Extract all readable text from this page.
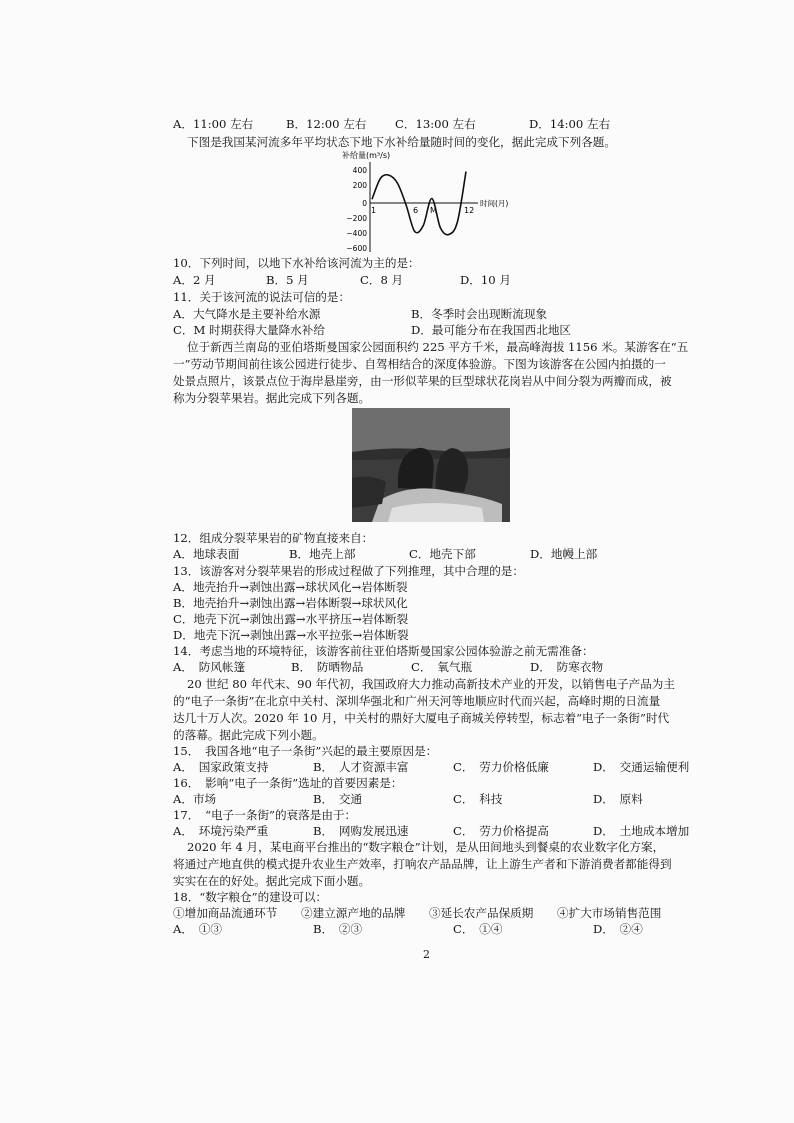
A．11:00 左右	B．12:00 左右 C．13:00 左右	D．14:00 左右
下图是我国某河流多年平均状态下地下水补给量随时间的变化，据此完成下列各题。
补给量(m³/s)
400
200
0
−200
−400
−600
1	6 M	12
时间(月)
10．下列时间，以地下水补给该河流为主的是：
A．2 月	B．5 月	C．8 月	D．10 月
11．关于该河流的说法可信的是：
A．大气降水是主要补给水源	B．冬季时会出现断流现象
C．M 时期获得大量降水补给	D．最可能分布在我国西北地区
位于新西兰南岛的亚伯塔斯曼国家公园面积约 225 平方千米，最高峰海拔 1156 米。某游客在“五
一”劳动节期间前往该公园进行徒步、自驾相结合的深度体验游。下图为该游客在公园内拍摄的一
处景点照片，该景点位于海岸悬崖旁，由一形似苹果的巨型球状花岗岩从中间分裂为两瓣而成，被
称为分裂苹果岩。据此完成下列各题。
12．组成分裂苹果岩的矿物直接来自：
A．地球表面	B．地壳上部	C．地壳下部	D．地幔上部
13．该游客对分裂苹果岩的形成过程做了下列推理，其中合理的是：
A．地壳抬升→剥蚀出露→球状风化→岩体断裂
B．地壳抬升→剥蚀出露→岩体断裂→球状风化
C．地壳下沉→剥蚀出露→水平挤压→岩体断裂
D．地壳下沉→剥蚀出露→水平拉张→岩体断裂
14．考虑当地的环境特征，该游客前往亚伯塔斯曼国家公园体验游之前无需准备：
A．　防风帐篷	B．　防晒物品	C．　氧气瓶	D．　防寒衣物
20 世纪 80 年代末、90 年代初，我国政府大力推动高新技术产业的开发，以销售电子产品为主
的“电子一条街”在北京中关村、深圳华强北和广州天河等地顺应时代而兴起，高峰时期的日流量
达几十万人次。2020 年 10 月，中关村的鼎好大厦电子商城关停转型，标志着“电子一条街”时代
的落幕。据此完成下列小题。
15．　我国各地“电子一条街”兴起的最主要原因是：
A．　国家政策支持	B．　人才资源丰富	C．　劳力价格低廉	D．　交通运输便利
16．　影响“电子一条街”选址的首要因素是：
A．市场	B．　交通	C．　科技	D．　原料
17．　“电子一条街”的衰落是由于：
A．　环境污染严重	B．　网购发展迅速	C．　劳力价格提高	D．　土地成本增加
2020 年 4 月，某电商平台推出的“数字粮仓”计划，是从田间地头到餐桌的农业数字化方案，
将通过产地直供的模式提升农业生产效率，打响农产品品牌，让上游生产者和下游消费者都能得到
实实在在的好处。据此完成下面小题。
18．“数字粮仓”的建设可以：
①增加商品流通环节 ②建立源产地的品牌 ③延长农产品保质期 ④扩大市场销售范围
A．　①③	B．　②③	C．　①④	D．　②④
2
